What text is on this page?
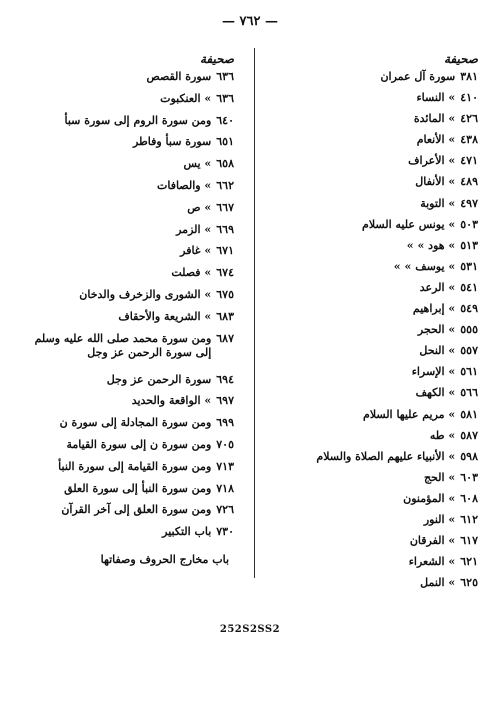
— ٧٦٢ —
صحيفة
٣٨١
سورة آل عمران
٤١٠
» النساء
٤٢٦
» المائدة
٤٣٨
» الأنعام
٤٧١
» الأعراف
٤٨٩
» الأنفال
٤٩٧
» التوبة
٥٠٣
» يونس عليه السلام
٥١٣
» هود » »
٥٣١
» يوسف » »
٥٤١
» الرعد
٥٤٩
» إبراهيم
٥٥٥
» الحجر
٥٥٧
» النحل
٥٦١
» الإسراء
٥٦٦
» الكهف
٥٨١
» مريم عليها السلام
٥٨٧
» طه
٥٩٨
» الأنبياء عليهم الصلاة والسلام
٦٠٣
» الحج
٦٠٨
» المؤمنون
٦١٢
» النور
٦١٧
» الفرقان
٦٢١
» الشعراء
٦٢٥
» النمل
صحيفة
٦٣٦
سورة القصص
٦٣٦
» العنكبوت
٦٤٠
ومن سورة الروم إلى سورة سبأ
٦٥١
سورة سبأ وفاطر
٦٥٨
» يس
٦٦٢
» والصافات
٦٦٧
» ص
٦٦٩
» الزمر
٦٧١
» غافر
٦٧٤
» فصلت
٦٧٥
» الشورى والزخرف والدخان
٦٨٣
» الشريعة والأحقاف
٦٨٧
ومن سورة محمد صلى الله عليه وسلم إلى سورة الرحمن عز وجل
٦٩٤
سورة الرحمن عز وجل
٦٩٧
» الواقعة والحديد
٦٩٩
ومن سورة المجادلة إلى سورة ن
٧٠٥
ومن سورة ن إلى سورة القيامة
٧١٣
ومن سورة القيامة إلى سورة النبأ
٧١٨
ومن سورة النبأ إلى سورة العلق
٧٢٦
ومن سورة العلق إلى آخر القرآن
٧٣٠
باب التكبير
باب مخارج الحروف وصفاتها
252S2SS2
